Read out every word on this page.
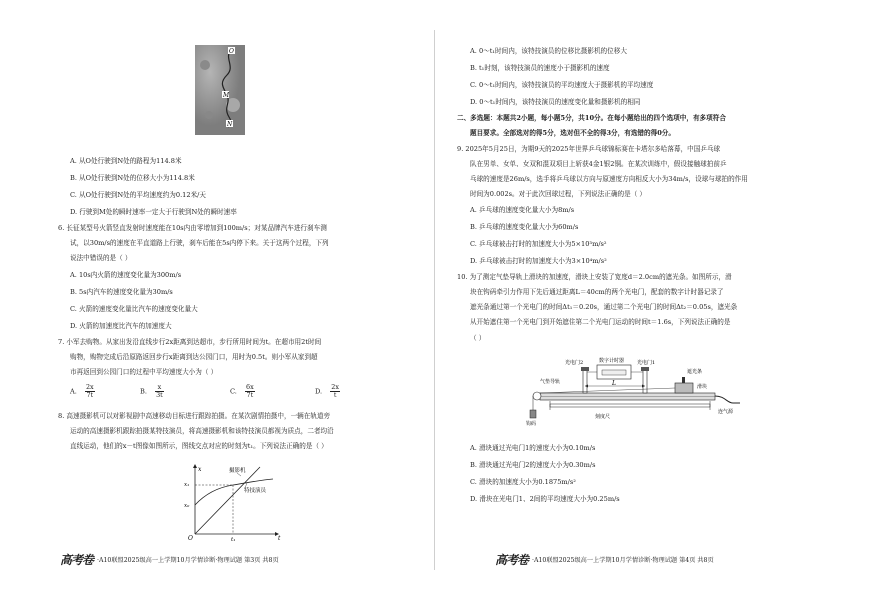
O
M
N
A. 从O处行驶到N处的路程为114.8米
B. 从O处行驶到N处的位移大小为114.8米
C. 从O处行驶到N处的平均速度约为0.12米/天
D. 行驶到M处的瞬时速率一定大于行驶到N处的瞬时速率
6. 长征某型号火箭竖直发射时速度能在10s内由零增加到100m/s；对某品牌汽车进行刹车测
试，以30m/s的速度在平直道路上行驶，刹车后能在5s内停下来。关于这两个过程，下列
说法中错误的是（ ）
A. 10s内火箭的速度变化量为300m/s
B. 5s内汽车的速度变化量为30m/s
C. 火箭的速度变化量比汽车的速度变化量大
D. 火箭的加速度比汽车的加速度大
7. 小军去购物。从家出发沿直线步行2x距离到达超市，步行所用时间为t。在超市用2t时间
购物，购物完成后沿原路返回步行x距离到达公园门口，用时为0.5t。则小军从家到超
市再返回到公园门口的过程中平均速度大小为（ ）
A. $\frac{2x}{7t}$	B. $\frac{x}{3t}$	C. $\frac{6x}{7t}$	D. $\frac{2x}{t}$
8. 高速摄影机可以对影视剧中高速移动目标进行跟踪拍摄。在某次剧情拍摄中，一辆在轨道旁
运动的高速摄影机跟踪拍摄某特技演员，将高速摄影机和该特技演员都视为质点，二者均沿
直线运动，他们的x－t图像如图所示，图线交点对应的时刻为t₁。下列说法正确的是（ ）
x
t
O
x₁
x₀
t₁
摄影机
特技演员
高考卷 ·A10联盟2025级高一上学期10月学情诊断·物理试题 第3页 共8页
A. 0～t₁时间内，该特技演员的位移比摄影机的位移大
B. t₁时刻，该特技演员的速度小于摄影机的速度
C. 0～t₁时间内，该特技演员的平均速度大于摄影机的平均速度
D. 0～t₁时间内，该特技演员的速度变化量和摄影机的相同
二、多选题：本题共2小题，每小题5分，共10分。在每小题给出的四个选项中，有多项符合
题目要求。全部选对的得5分，选对但不全的得3分，有选错的得0分。
9. 2025年5月25日，为期9天的2025年世界乒乓球锦标赛在卡塔尔多哈落幕，中国乒乓球
队在男单、女单、女双和混双项目上斩获4金1银2铜。在某次训练中，假设接触球拍前乒
乓球的速度是26m/s，选手将乒乓球以方向与原速度方向相反大小为34m/s，设球与球拍的作用
时间为0.002s。对于此次回球过程，下列说法正确的是（ ）
A. 乒乓球的速度变化量大小为8m/s
B. 乒乓球的速度变化量大小为60m/s
C. 乒乓球被击打时的加速度大小为5×10³m/s²
D. 乒乓球被击打时的加速度大小为3×10⁴m/s²
10. 为了测定气垫导轨上滑块的加速度，滑块上安装了宽度d＝2.0cm的遮光条。如图所示，滑
块在钩码牵引力作用下先后通过距离L＝40cm的两个光电门，配套的数字计时器记录了
遮光条通过第一个光电门的时间Δt₁＝0.20s，通过第二个光电门的时间Δt₂＝0.05s，遮光条
从开始遮住第一个光电门到开始遮住第二个光电门运动的时间t＝1.6s，下列说法正确的是
（ ）
L
光电门2	数字计时器	光电门1
气垫导轨
遮光条
滑块
钩码
刻度尺
连气源
A. 滑块通过光电门1的速度大小为0.10m/s
B. 滑块通过光电门2的速度大小为0.30m/s
C. 滑块的加速度大小为0.1875m/s²
D. 滑块在光电门1、2间的平均速度大小为0.25m/s
高考卷 ·A10联盟2025级高一上学期10月学情诊断·物理试题 第4页 共8页
